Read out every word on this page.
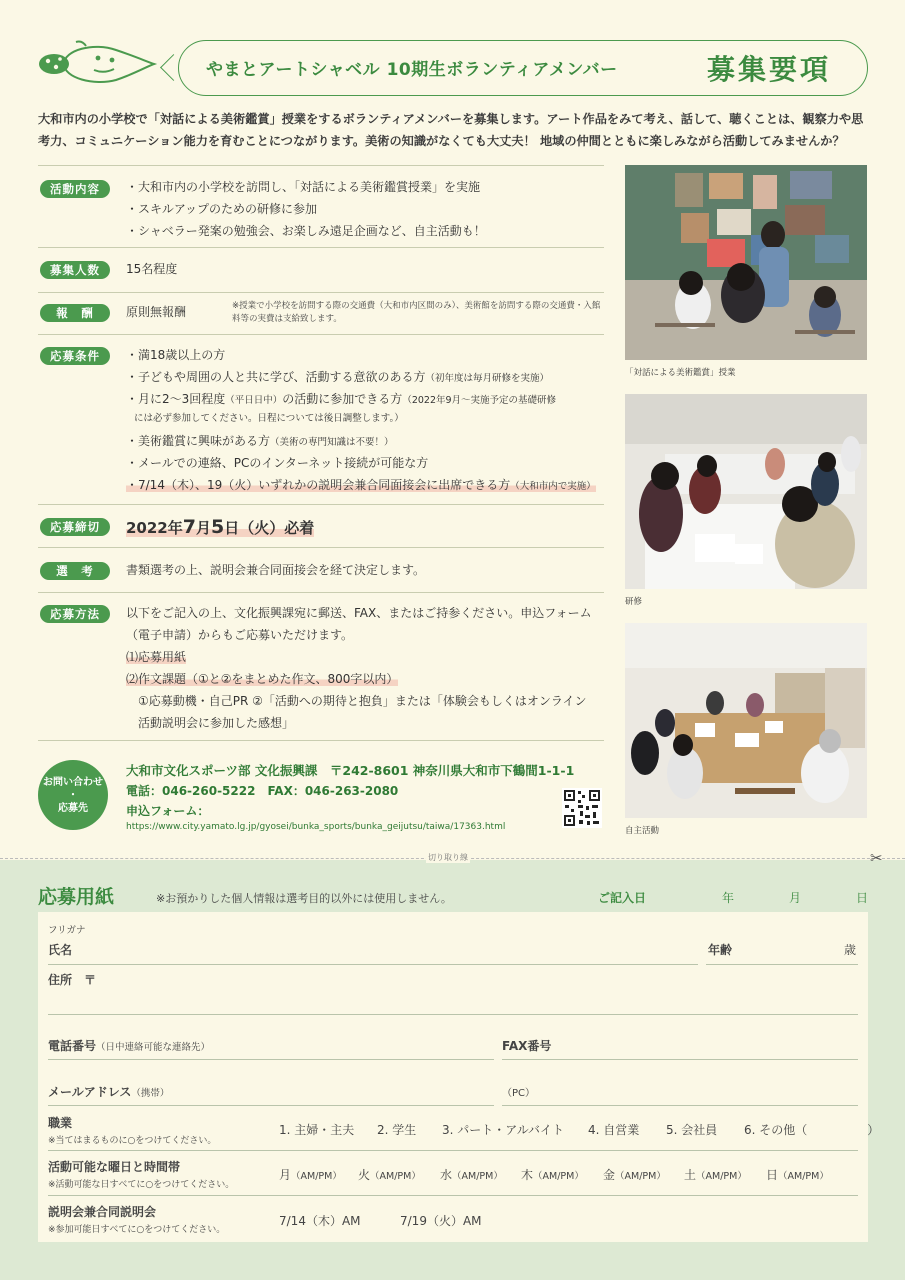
やまとアートシャベル 10期生ボランティアメンバー	募集要項
大和市内の小学校で「対話による美術鑑賞」授業をするボランティアメンバーを募集します。アート作品をみて考え、話して、聴くことは、観察力や思考力、コミュニケーション能力を育むことにつながります。美術の知識がなくても大丈夫！ 地域の仲間とともに楽しみながら活動してみませんか？
活動内容	・大和市内の小学校を訪問し、「対話による美術鑑賞授業」を実施
・スキルアップのための研修に参加
・シャベラー発案の勉強会、お楽しみ遠足企画など、自主活動も！
募集人数	15名程度
報　酬	原則無報酬	※授業で小学校を訪問する際の交通費（大和市内区間のみ）、美術館を訪問する際の交通費・入館料等の実費は支給致します。
応募条件	・満18歳以上の方
・子どもや周囲の人と共に学び、活動する意欲のある方（初年度は毎月研修を実施）
・月に2〜3回程度（平日日中）の活動に参加できる方（2022年9月〜実施予定の基礎研修
には必ず参加してください。日程については後日調整します。）
・美術鑑賞に興味がある方（美術の専門知識は不要！）
・メールでの連絡、PCのインターネット接続が可能な方
・7/14（木）、19（火）いずれかの説明会兼合同面接会に出席できる方（大和市内で実施）
応募締切	2022年7月5日（火）必着
選　考	書類選考の上、説明会兼合同面接会を経て決定します。
応募方法	以下をご記入の上、文化振興課宛に郵送、FAX、またはご持参ください。申込フォーム
（電子申請）からもご応募いただけます。
⑴応募用紙
⑵作文課題（①と②をまとめた作文、800字以内）
①応募動機・自己PR ②「活動への期待と抱負」または「体験会もしくはオンライン
活動説明会に参加した感想」
お問い合わせ
・
応募先
大和市文化スポーツ部 文化振興課　 〒242-8601 神奈川県大和市下鶴間1-1-1
電話：046-260-5222　FAX：046-263-2080
申込フォーム：
https://www.city.yamato.lg.jp/gyosei/bunka_sports/bunka_geijutsu/taiwa/17363.html
「対話による美術鑑賞」授業
研修
自主活動
切り取り線	✂
応募用紙	※お預かりした個人情報は選考目的以外には使用しません。	ご記入日	年	月	日
フリガナ
氏名	年齢	歳
住所　〒
電話番号（日中連絡可能な連絡先）	FAX番号
メールアドレス（携帯）	（PC）
職業
※当てはまるものに○をつけてください。
1. 主婦・主夫 2. 学生 3. パート・アルバイト 4. 自営業 5. 会社員 6. その他（　　　　　）
活動可能な曜日と時間帯
※活動可能な日すべてに○をつけてください。
月（AM/PM） 火（AM/PM） 水（AM/PM） 木（AM/PM） 金（AM/PM） 土（AM/PM） 日（AM/PM）
説明会兼合同説明会
※参加可能日すべてに○をつけてください。
7/14（木）AM	7/19（火）AM
